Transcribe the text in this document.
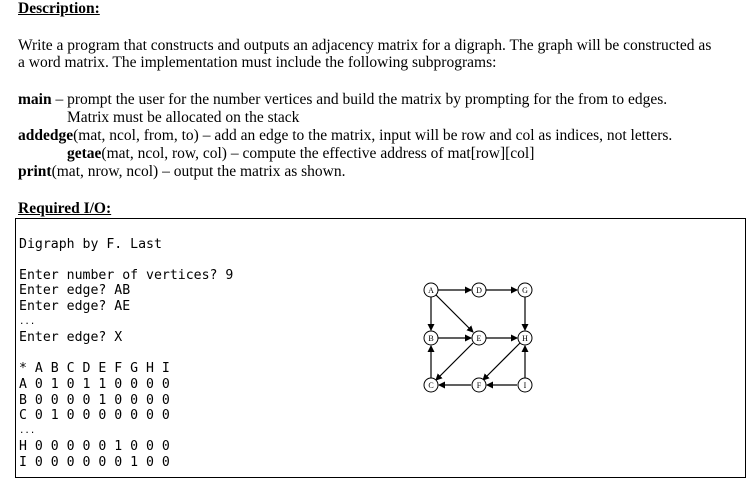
Description:
Write a program that constructs and outputs an adjacency matrix for a digraph. The graph will be constructed as
a word matrix. The implementation must include the following subprograms:
main – prompt the user for the number vertices and build the matrix by prompting for the from to edges.
Matrix must be allocated on the stack
addedge(mat, ncol, from, to) – add an edge to the matrix, input will be row and col as indices, not letters.
getae(mat, ncol, row, col) – compute the effective address of mat[row][col]
print(mat, nrow, ncol) – output the matrix as shown.
Required I/O:

Digraph by F. Last
Enter number of vertices? 9
Enter edge? AB
Enter edge? AE
...
Enter edge? X
* A B C D E F G H I
A 0 1 0 1 1 0 0 0 0
B 0 0 0 0 1 0 0 0 0
C 0 1 0 0 0 0 0 0 0
...
H 0 0 0 0 0 1 0 0 0
I 0 0 0 0 0 0 1 0 0

A	D	G
B	E	H
C	F	I
